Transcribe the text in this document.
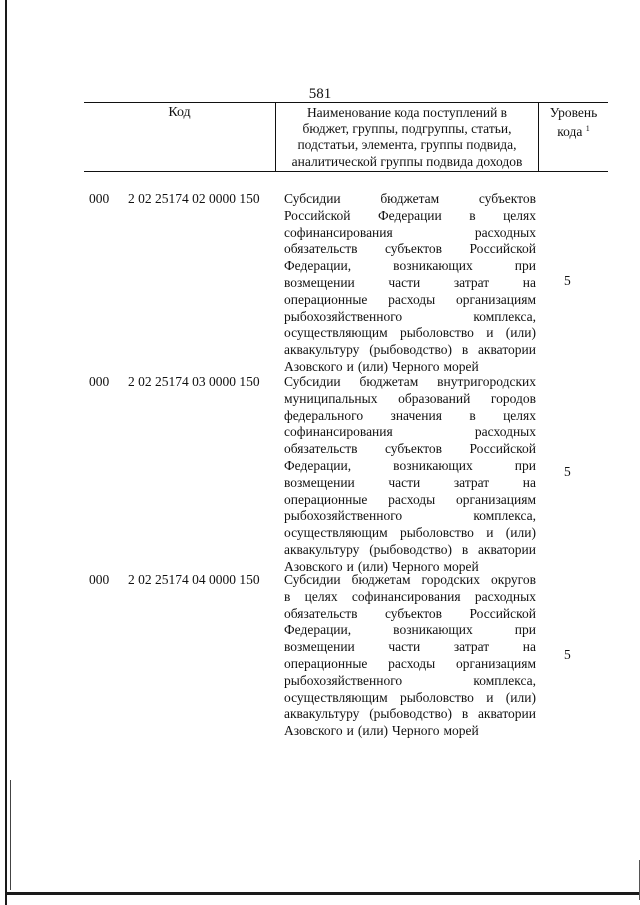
581
Код	Наименование кода поступлений в
бюджет, группы, подгруппы, статьи,
подстатьи, элемента, группы подвида,
аналитической группы подвида доходов
Уровень
кода $^1$
000 2 02 25174 02 0000 150 Субсидии	бюджетам	субъектов
Российской Федерации в целях
софинансирования	расходных
обязательств субъектов Российской
Федерации,	возникающих	при
возмещении части затрат на
операционные расходы организациям
рыбохозяйственного	комплекса,
осуществляющим рыболовство и (или)
аквакультуру (рыбоводство) в акватории
Азовского и (или) Черного морей
5
000 2 02 25174 03 0000 150 Субсидии бюджетам внутригородских
муниципальных образований городов
федерального значения в целях
софинансирования	расходных
обязательств субъектов Российской
Федерации,	возникающих	при
возмещении части затрат на
операционные расходы организациям
рыбохозяйственного	комплекса,
осуществляющим рыболовство и (или)
аквакультуру (рыбоводство) в акватории
Азовского и (или) Черного морей
5
000 2 02 25174 04 0000 150 Субсидии бюджетам городских округов
в целях софинансирования расходных
обязательств субъектов Российской
Федерации,	возникающих	при
возмещении части затрат на
операционные расходы организациям
рыбохозяйственного	комплекса,
осуществляющим рыболовство и (или)
аквакультуру (рыбоводство) в акватории
Азовского и (или) Черного морей
5
